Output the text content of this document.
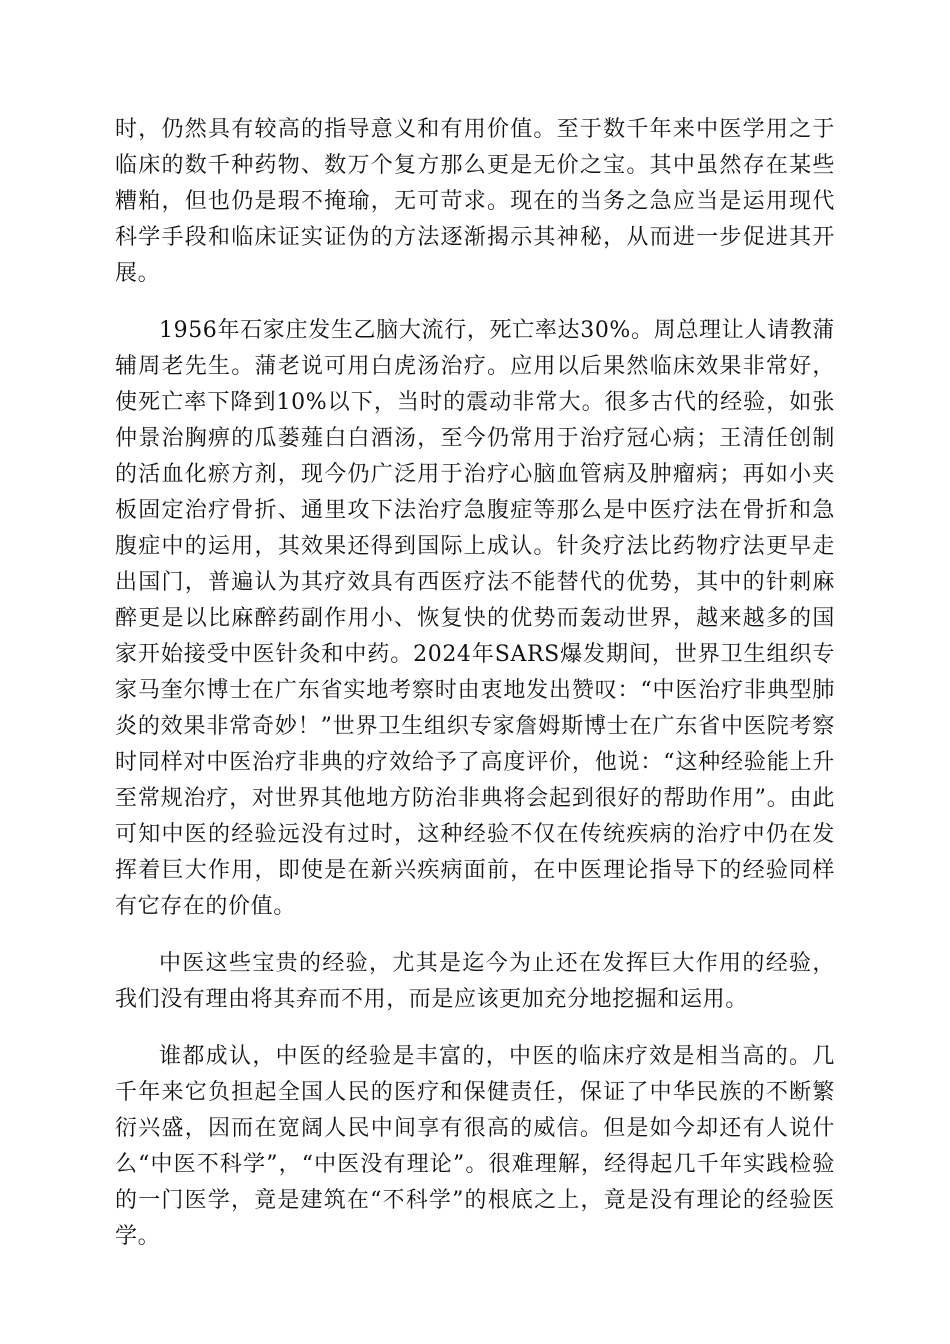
时，仍然具有较高的指导意义和有用价值。至于数千年来中医学用之于临床的数千种药物、数万个复方那么更是无价之宝。其中虽然存在某些糟粕，但也仍是瑕不掩瑜，无可苛求。现在的当务之急应当是运用现代科学手段和临床证实证伪的方法逐渐揭示其神秘，从而进一步促进其开展。

1956年石家庄发生乙脑大流行，死亡率达30%。周总理让人请教蒲辅周老先生。蒲老说可用白虎汤治疗。应用以后果然临床效果非常好，使死亡率下降到10%以下，当时的震动非常大。很多古代的经验，如张仲景治胸痹的瓜蒌薤白白酒汤，至今仍常用于治疗冠心病；王清任创制的活血化瘀方剂，现今仍广泛用于治疗心脑血管病及肿瘤病；再如小夹板固定治疗骨折、通里攻下法治疗急腹症等那么是中医疗法在骨折和急腹症中的运用，其效果还得到国际上成认。针灸疗法比药物疗法更早走出国门，普遍认为其疗效具有西医疗法不能替代的优势，其中的针刺麻醉更是以比麻醉药副作用小、恢复快的优势而轰动世界，越来越多的国家开始接受中医针灸和中药。2024年SARS爆发期间，世界卫生组织专家马奎尔博士在广东省实地考察时由衷地发出赞叹：“中医治疗非典型肺炎的效果非常奇妙！”世界卫生组织专家詹姆斯博士在广东省中医院考察时同样对中医治疗非典的疗效给予了高度评价，他说：“这种经验能上升至常规治疗，对世界其他地方防治非典将会起到很好的帮助作用”。由此可知中医的经验远没有过时，这种经验不仅在传统疾病的治疗中仍在发挥着巨大作用，即使是在新兴疾病面前，在中医理论指导下的经验同样有它存在的价值。

中医这些宝贵的经验，尤其是迄今为止还在发挥巨大作用的经验，我们没有理由将其弃而不用，而是应该更加充分地挖掘和运用。

谁都成认，中医的经验是丰富的，中医的临床疗效是相当高的。几千年来它负担起全国人民的医疗和保健责任，保证了中华民族的不断繁衍兴盛，因而在宽阔人民中间享有很高的威信。但是如今却还有人说什么“中医不科学”，“中医没有理论”。很难理解，经得起几千年实践检验的一门医学，竟是建筑在“不科学”的根底之上，竟是没有理论的经验医学。
